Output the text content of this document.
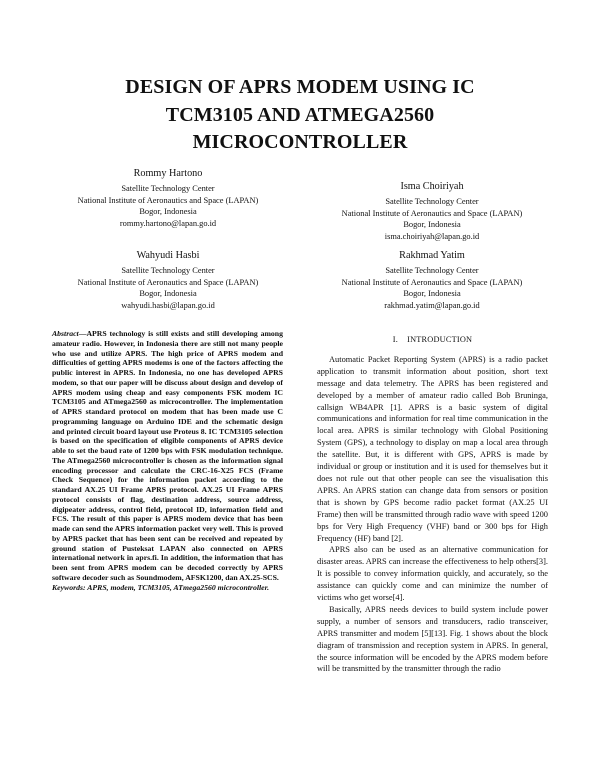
DESIGN OF APRS MODEM USING IC
TCM3105 AND ATMEGA2560
MICROCONTROLLER
Rommy Hartono
Satellite Technology Center
National Institute of Aeronautics and Space (LAPAN)
Bogor, Indonesia
rommy.hartono@lapan.go.id
Isma Choiriyah
Satellite Technology Center
National Institute of Aeronautics and Space (LAPAN)
Bogor, Indonesia
isma.choiriyah@lapan.go.id
Wahyudi Hasbi
Satellite Technology Center
National Institute of Aeronautics and Space (LAPAN)
Bogor, Indonesia
wahyudi.hasbi@lapan.go.id
Rakhmad Yatim
Satellite Technology Center
National Institute of Aeronautics and Space (LAPAN)
Bogor, Indonesia
rakhmad.yatim@lapan.go.id

Abstract—APRS technology is still exists and still developing among amateur radio. However, in Indonesia there are still not many people who use and utilize APRS. The high price of APRS modem and difficulties of getting APRS modems is one of the factors affecting the public interest in APRS. In Indonesia, no one has developed APRS modem, so that our paper will be discuss about design and develop of APRS modem using cheap and easy components FSK modem IC TCM3105 and ATmega2560 as microcontroller. The implementation of APRS standard protocol on modem that has been made use C programming language on Arduino IDE and the schematic design and printed circuit board layout use Proteus 8. IC TCM3105 selection is based on the specification of eligible components of APRS device able to set the baud rate of 1200 bps with FSK modulation technique. The ATmega2560 microcontroller is chosen as the information signal encoding processor and calculate the CRC-16-X25 FCS (Frame Check Sequence) for the information packet according to the standard AX.25 UI Frame APRS protocol. AX.25 UI Frame APRS protocol consists of flag, destination address, source address, digipeater address, control field, protocol ID, information field and FCS. The result of this paper is APRS modem device that has been made can send the APRS information packet very well. This is proved by APRS packet that has been sent can be received and repeated by ground station of Pusteksat LAPAN also connected on APRS international network in aprs.fi. In addition, the information that has been sent from APRS modem can be decoded correctly by APRS software decoder such as Soundmodem, AFSK1200, dan AX.25-SCS.

Keywords: APRS, modem, TCM3105, ATmega2560 microcontroller.

I. INTRODUCTION

Automatic Packet Reporting System (APRS) is a radio packet application to transmit information about position, short text message and data telemetry. The APRS has been registered and developed by a member of amateur radio called Bob Bruninga, callsign WB4APR [1]. APRS is a basic system of digital communications and information for real time communication in the local area. APRS is similar technology with Global Positioning System (GPS), a technology to display on map a local area through the satellite. But, it is different with GPS, APRS is made by individual or group or institution and it is used for themselves but it does not rule out that other people can see the visualisation this APRS. An APRS station can change data from sensors or position that is shown by GPS become radio packet format (AX.25 UI Frame) then will be transmitted through radio wave with speed 1200 bps for Very High Frequency (VHF) band or 300 bps for High Frequency (HF) band [2].

APRS also can be used as an alternative communication for disaster areas. APRS can increase the effectiveness to help others[3]. It is possible to convey information quickly, and accurately, so the assistance can quickly come and can minimize the number of victims who get worse[4].

Basically, APRS needs devices to build system include power supply, a number of sensors and transducers, radio transceiver, APRS transmitter and modem [5][13]. Fig. 1 shows about the block diagram of transmission and reception system in APRS. In general, the source information will be encoded by the APRS modem before will be transmitted by the transmitter through the radio
